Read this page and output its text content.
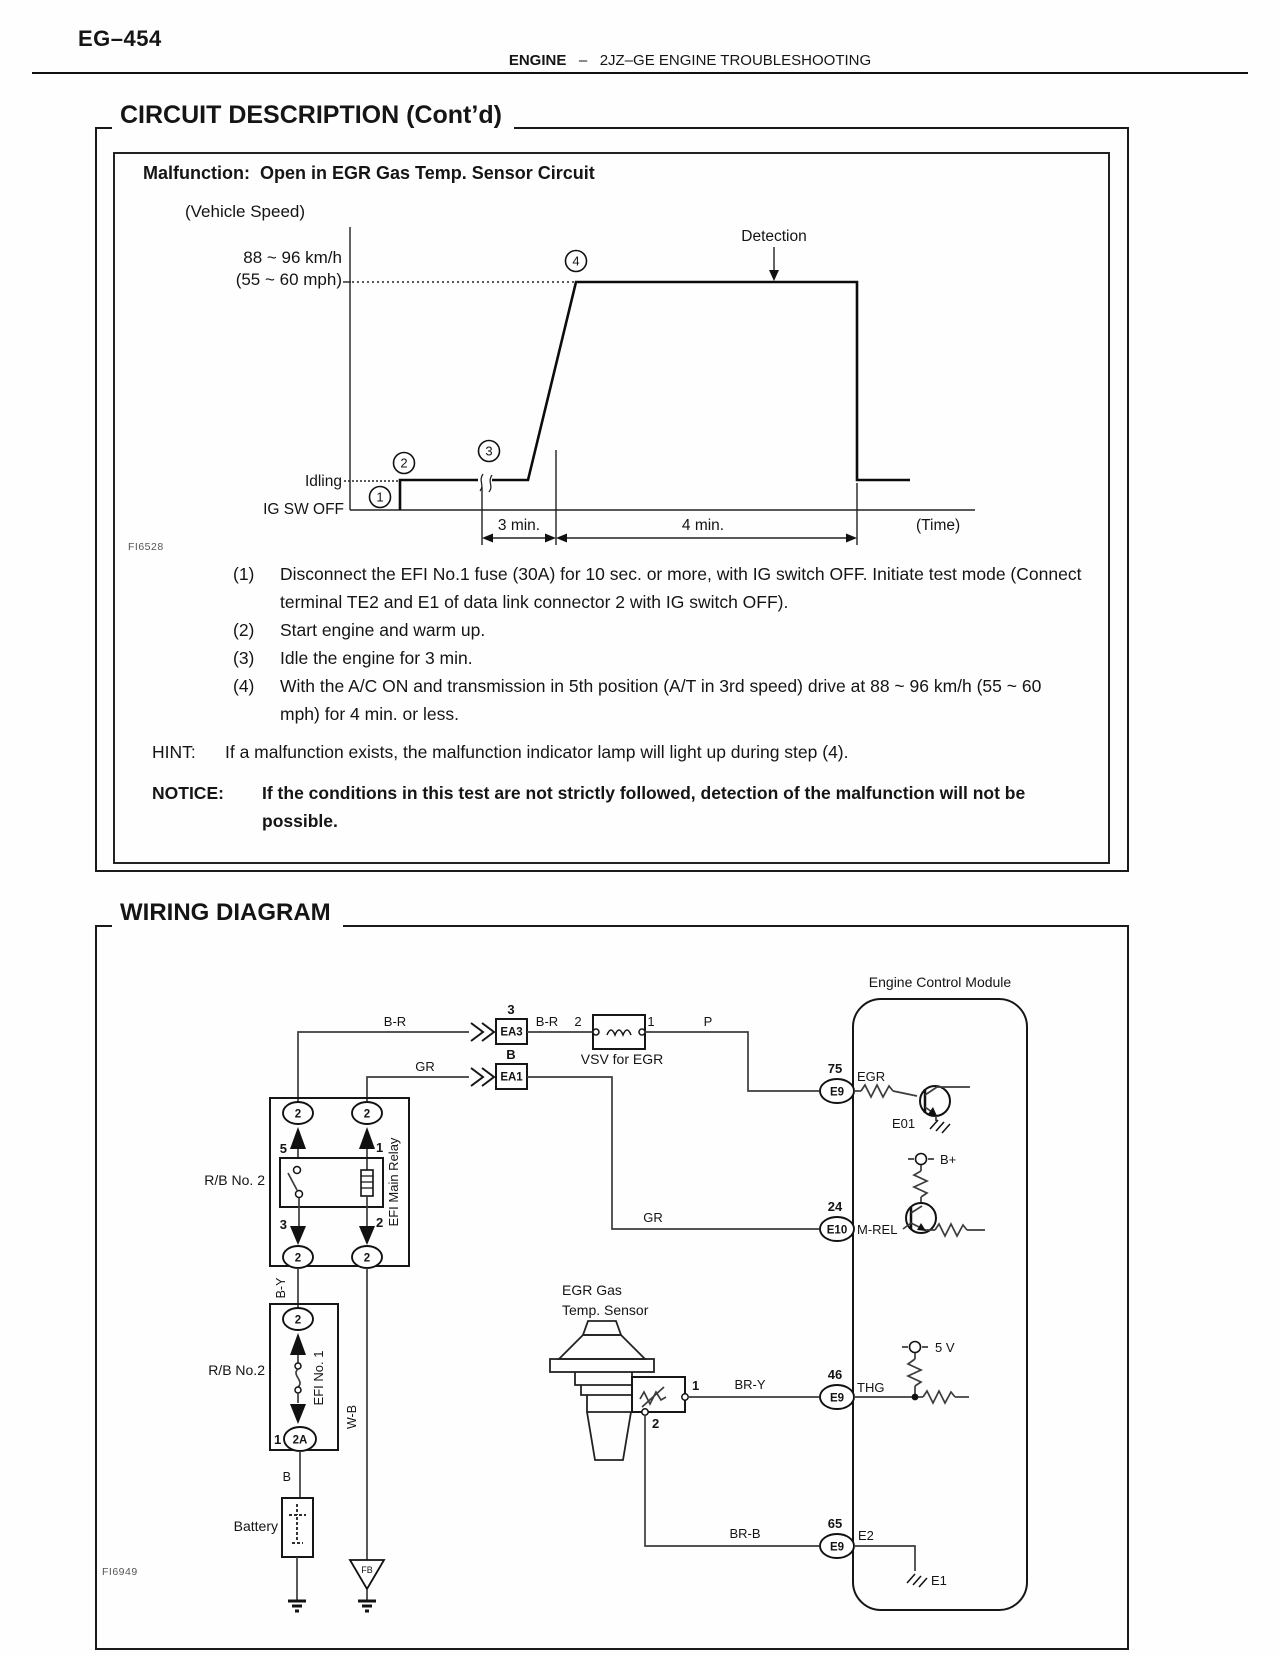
EG–454
ENGINE   –   2JZ–GE ENGINE TROUBLESHOOTING
CIRCUIT DESCRIPTION (Cont’d)
Malfunction: Open in EGR Gas Temp. Sensor Circuit
Detection
(Vehicle Speed)
88 ~ 96 km/h
(55 ~ 60 mph)
Idling
IG SW OFF
1
2
3
4
3 min.	4 min.	(Time)
FI6528
(1)	Disconnect the EFI No.1 fuse (30A) for 10 sec. or more, with IG switch OFF. Initiate test mode (Connect terminal TE2 and E1 of data link connector 2 with IG switch OFF).
(2)	Start engine and warm up.
(3)	Idle the engine for 3 min.
(4)	With the A/C ON and transmission in 5th position (A/T in 3rd speed) drive at 88 ~ 96 km/h (55 ~ 60 mph) for 4 min. or less.
HINT:	If a malfunction exists, the malfunction indicator lamp will light up during step (4).
NOTICE:	If the conditions in this test are not strictly followed, detection of the malfunction will not be possible.
WIRING DIAGRAM
FI6949
Engine Control Module
B-R
EA3
3
B-R 2	1
VSV for EGR
P
GR
EA1
B
GR
75
E9
EGR
E01
B+
24
E10 M-REL
5 V
46
E9
THG
65
E9
E2
E1
R/B No. 2	EFI Main Relay
2	2
5	1
3	2
2	2
B-Y
R/B No.2	EFI No. 1
2
1 2A
B
Battery
W-B
FB
EGR Gas
Temp. Sensor
1	BR-Y
2
BR-B
